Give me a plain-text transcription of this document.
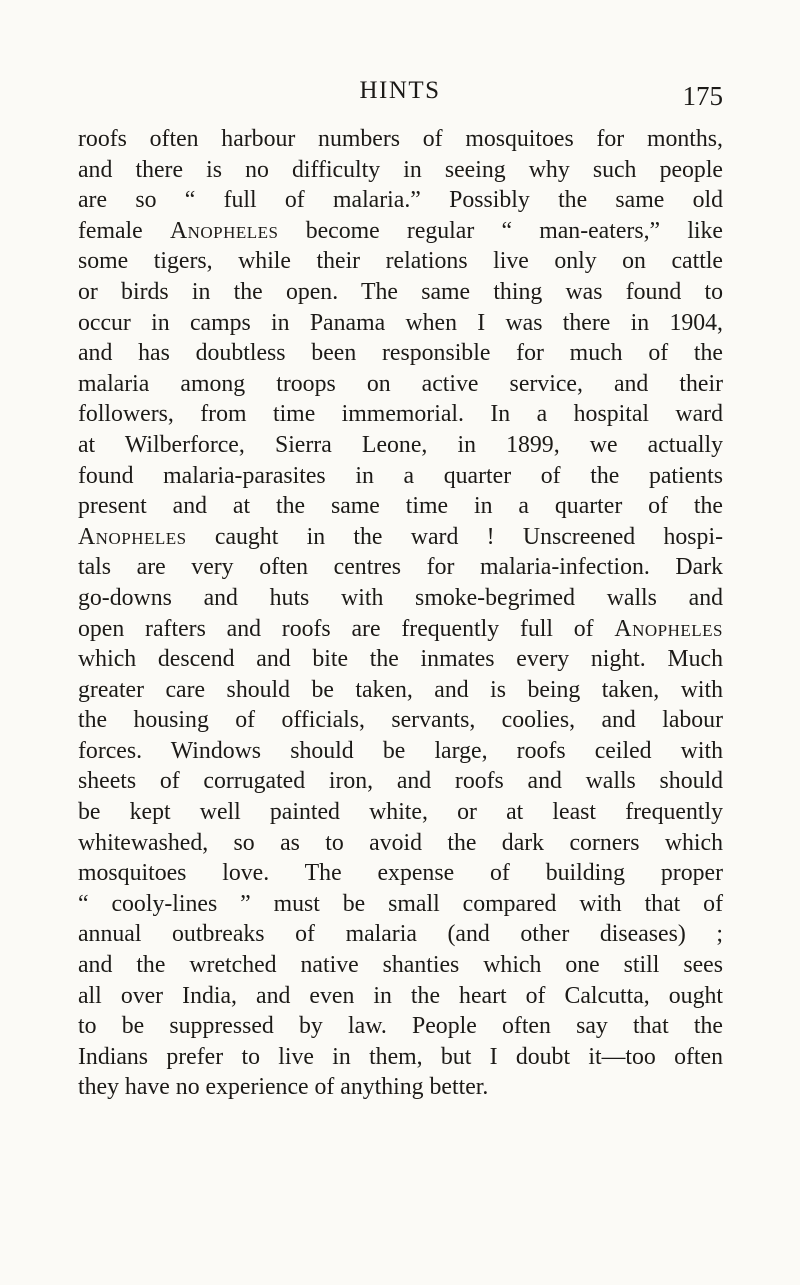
HINTS	175
roofs often harbour numbers of mosquitoes for months,
and there is no difficulty in seeing why such people
are so “ full of malaria.” Possibly the same old
female Anopheles become regular “ man-eaters,” like
some tigers, while their relations live only on cattle
or birds in the open. The same thing was found to
occur in camps in Panama when I was there in 1904,
and has doubtless been responsible for much of the
malaria among troops on active service, and their
followers, from time immemorial. In a hospital ward
at Wilberforce, Sierra Leone, in 1899, we actually
found malaria-parasites in a quarter of the patients
present and at the same time in a quarter of the
Anopheles caught in the ward ! Unscreened hospi-
tals are very often centres for malaria-infection. Dark
go-downs and huts with smoke-begrimed walls and
open rafters and roofs are frequently full of Anopheles
which descend and bite the inmates every night. Much
greater care should be taken, and is being taken, with
the housing of officials, servants, coolies, and labour
forces. Windows should be large, roofs ceiled with
sheets of corrugated iron, and roofs and walls should
be kept well painted white, or at least frequently
whitewashed, so as to avoid the dark corners which
mosquitoes love. The expense of building proper
“ cooly-lines ” must be small compared with that of
annual outbreaks of malaria (and other diseases) ;
and the wretched native shanties which one still sees
all over India, and even in the heart of Calcutta, ought
to be suppressed by law. People often say that the
Indians prefer to live in them, but I doubt it—too often
they have no experience of anything better.
